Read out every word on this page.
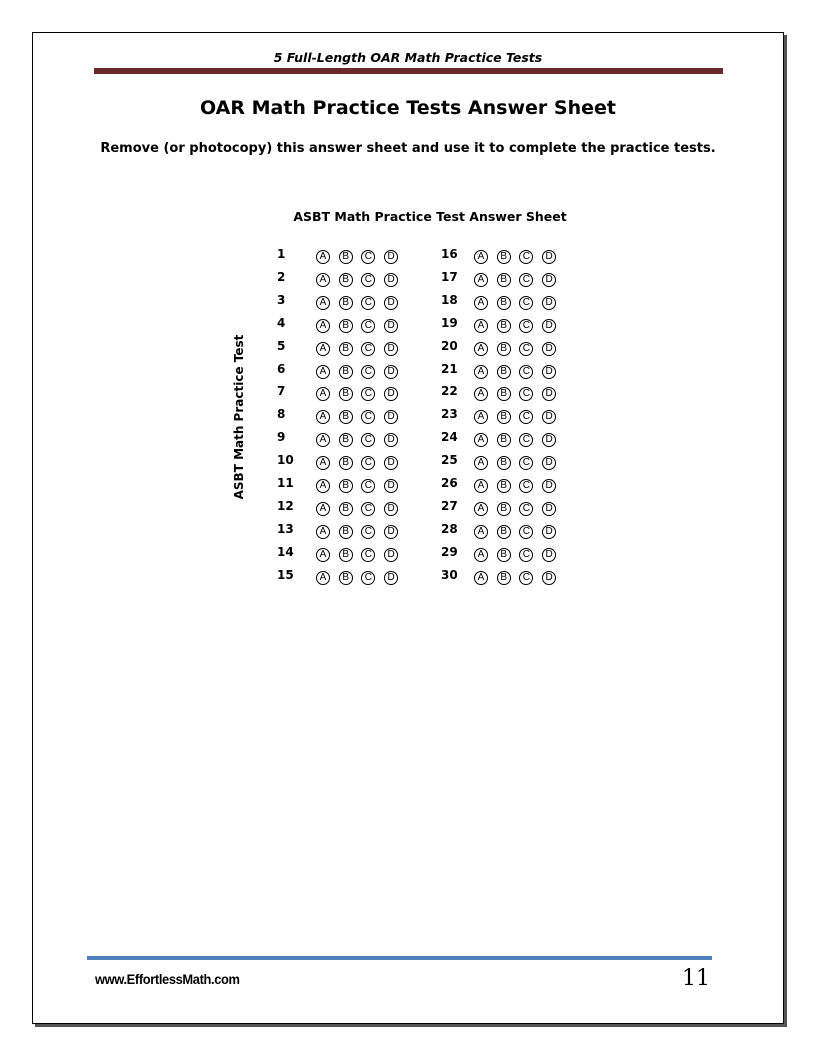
5 Full-Length OAR Math Practice Tests
OAR Math Practice Tests Answer Sheet
Remove (or photocopy) this answer sheet and use it to complete the practice tests.
ASBT Math Practice Test Answer Sheet
ASBT Math Practice Test
1	A	B	C	D
2	A	B	C	D
3	A	B	C	D
4	A	B	C	D
5	A	B	C	D
6	A	B	C	D
7	A	B	C	D
8	A	B	C	D
9	A	B	C	D
10	A	B	C	D
11	A	B	C	D
12	A	B	C	D
13	A	B	C	D
14	A	B	C	D
15	A	B	C	D
16	A	B	C	D
17	A	B	C	D
18	A	B	C	D
19	A	B	C	D
20	A	B	C	D
21	A	B	C	D
22	A	B	C	D
23	A	B	C	D
24	A	B	C	D
25	A	B	C	D
26	A	B	C	D
27	A	B	C	D
28	A	B	C	D
29	A	B	C	D
30	A	B	C	D
www.EffortlessMath.com	11
